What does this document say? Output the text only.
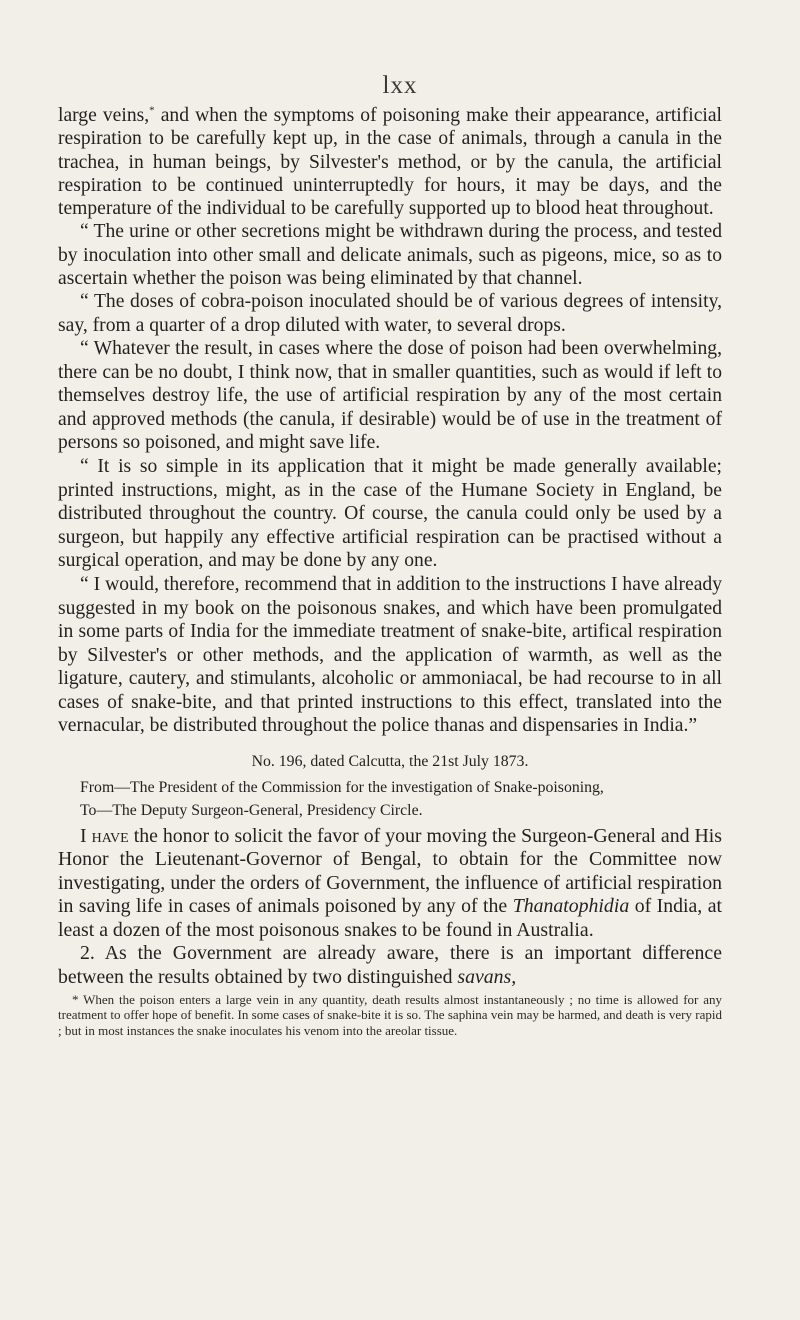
lxx

large veins,* and when the symptoms of poisoning make their appearance, artificial respiration to be carefully kept up, in the case of animals, through a canula in the trachea, in human beings, by Silvester's method, or by the canula, the artificial respiration to be continued uninterruptedly for hours, it may be days, and the temperature of the individual to be carefully supported up to blood heat throughout.

“ The urine or other secretions might be withdrawn during the process, and tested by inoculation into other small and delicate animals, such as pigeons, mice, so as to ascertain whether the poison was being eliminated by that channel.

“ The doses of cobra-poison inoculated should be of various degrees of intensity, say, from a quarter of a drop diluted with water, to several drops.

“ Whatever the result, in cases where the dose of poison had been overwhelming, there can be no doubt, I think now, that in smaller quantities, such as would if left to themselves destroy life, the use of artificial respiration by any of the most certain and approved methods (the canula, if desirable) would be of use in the treatment of persons so poisoned, and might save life.

“ It is so simple in its application that it might be made generally available; printed instructions, might, as in the case of the Humane Society in England, be distributed throughout the country. Of course, the canula could only be used by a surgeon, but happily any effective artificial respiration can be practised without a surgical operation, and may be done by any one.

“ I would, therefore, recommend that in addition to the instructions I have already suggested in my book on the poisonous snakes, and which have been promulgated in some parts of India for the immediate treatment of snake-bite, artifical respiration by Silvester's or other methods, and the application of warmth, as well as the ligature, cautery, and stimulants, alcoholic or ammoniacal, be had recourse to in all cases of snake-bite, and that printed instructions to this effect, translated into the vernacular, be distributed throughout the police thanas and dispensaries in India.”

No. 196, dated Calcutta, the 21st July 1873.
From—The President of the Commission for the investigation of Snake-poisoning,
To—The Deputy Surgeon-General, Presidency Circle.

I have the honor to solicit the favor of your moving the Surgeon-General and His Honor the Lieutenant-Governor of Bengal, to obtain for the Committee now investigating, under the orders of Government, the influence of artificial respiration in saving life in cases of animals poisoned by any of the Thanatophidia of India, at least a dozen of the most poisonous snakes to be found in Australia.

2. As the Government are already aware, there is an important difference between the results obtained by two distinguished savans,

* When the poison enters a large vein in any quantity, death results almost instantaneously ; no time is allowed for any treatment to offer hope of benefit. In some cases of snake-bite it is so. The saphina vein may be harmed, and death is very rapid ; but in most instances the snake inoculates his venom into the areolar tissue.
